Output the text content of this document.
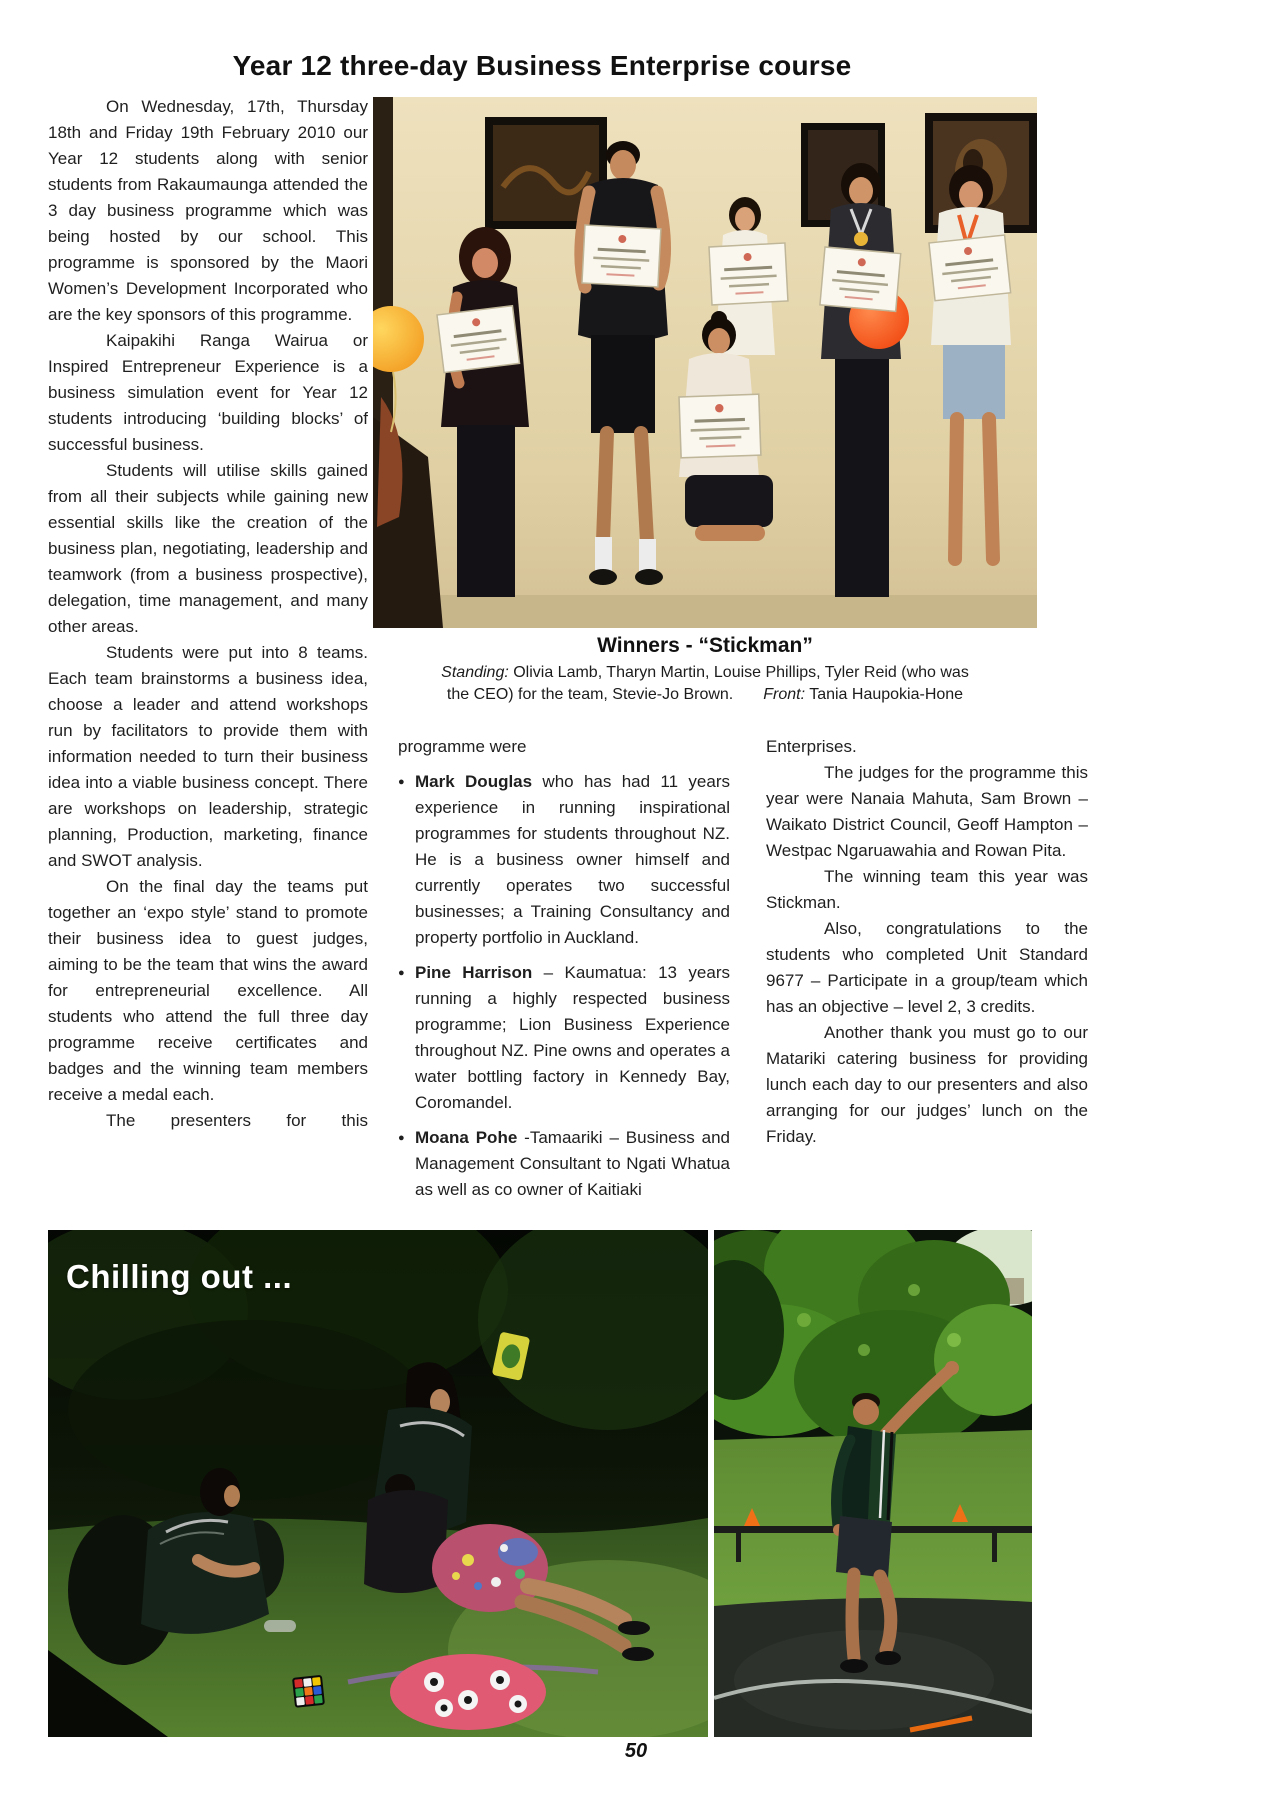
Year 12 three-day Business Enterprise course

On Wednesday, 17th, Thursday 18th and Friday 19th February 2010 our Year 12 students along with senior students from Rakaumaunga attended the 3 day business programme which was being hosted by our school. This programme is sponsored by the Maori Women’s Development Incorporated who are the key sponsors of this programme.

Kaipakihi Ranga Wairua or Inspired Entrepreneur Experience is a business simulation event for Year 12 students introducing ‘building blocks’ of successful business.

Students will utilise skills gained from all their subjects while gaining new essential skills like the creation of the business plan, negotiating, leadership and teamwork (from a business prospective), delegation, time management, and many other areas.

Students were put into 8 teams. Each team brainstorms a business idea, choose a leader and attend workshops run by facilitators to provide them with information needed to turn their business idea into a viable business concept. There are workshops on leadership, strategic planning, Production, marketing, finance and SWOT analysis.

On the final day the teams put together an ‘expo style’ stand to promote their business idea to guest judges, aiming to be the team that wins the award for entrepreneurial excellence. All students who attend the full three day programme receive certificates and badges and the winning team members receive a medal each.

The presenters for this

Winners - “Stickman”
Standing: Olivia Lamb, Tharyn Martin, Louise Phillips, Tyler Reid (who was
the CEO) for the team, Stevie-Jo Brown. Front: Tania Haupokia-Hone

programme were

● Mark Douglas who has had 11 years experience in running inspirational programmes for students throughout NZ. He is a business owner himself and currently operates two successful businesses; a Training Consultancy and property portfolio in Auckland.
● Pine Harrison – Kaumatua: 13 years running a highly respected business programme; Lion Business Experience throughout NZ. Pine owns and operates a water bottling factory in Kennedy Bay, Coromandel.
● Moana Pohe -Tamaariki – Business and Management Consultant to Ngati Whatua as well as co owner of Kaitiaki

Enterprises.

The judges for the programme this year were Nanaia Mahuta, Sam Brown – Waikato District Council, Geoff Hampton – Westpac Ngaruawahia and Rowan Pita.

The winning team this year was Stickman.

Also, congratulations to the students who completed Unit Standard 9677 – Participate in a group/team which has an objective – level 2, 3 credits.

Another thank you must go to our Matariki catering business for providing lunch each day to our presenters and also arranging for our judges’ lunch on the Friday.

Chilling out ...
50
